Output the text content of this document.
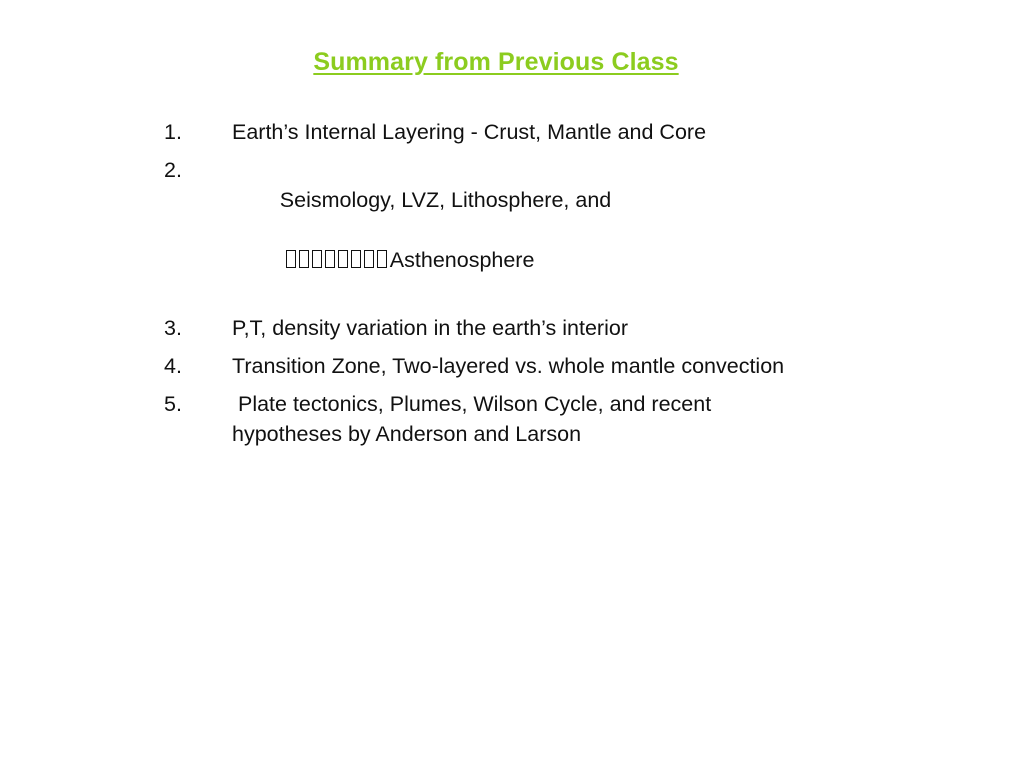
Summary from Previous Class
1.	Earth’s Internal Layering - Crust, Mantle and Core
2.

Seismology, LVZ, Lithosphere, and

Asthenosphere

3.	P,T, density variation in the earth’s interior
4.	Transition Zone, Two-layered vs. whole mantle convection
5.	Plate tectonics, Plumes, Wilson Cycle, and recent hypotheses by Anderson and Larson
